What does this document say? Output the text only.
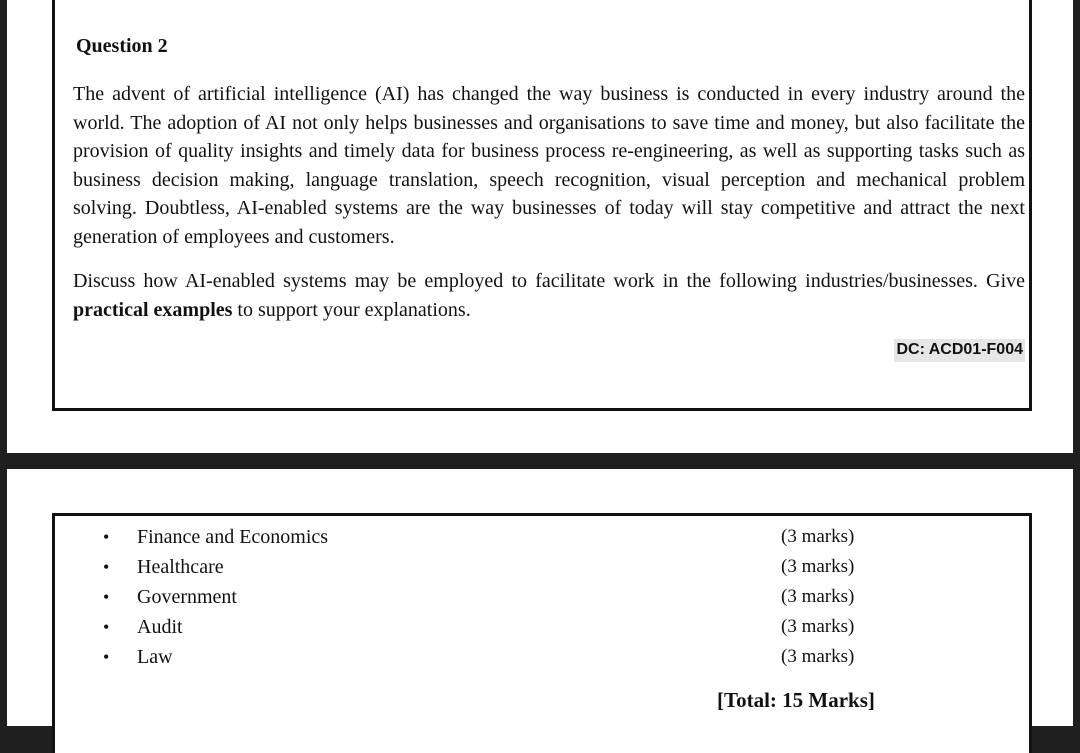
Question 2

The advent of artificial intelligence (AI) has changed the way business is conducted in every industry around the world. The adoption of AI not only helps businesses and organisations to save time and money, but also facilitate the provision of quality insights and timely data for business process re-engineering, as well as supporting tasks such as business decision making, language translation, speech recognition, visual perception and mechanical problem solving. Doubtless, AI-enabled systems are the way businesses of today will stay competitive and attract the next generation of employees and customers.

Discuss how AI-enabled systems may be employed to facilitate work in the following industries/businesses. Give practical examples to support your explanations.

DC: ACD01-F004
• Finance and Economics	(3 marks)
• Healthcare	(3 marks)
• Government	(3 marks)
• Audit	(3 marks)
• Law	(3 marks)
[Total: 15 Marks]
